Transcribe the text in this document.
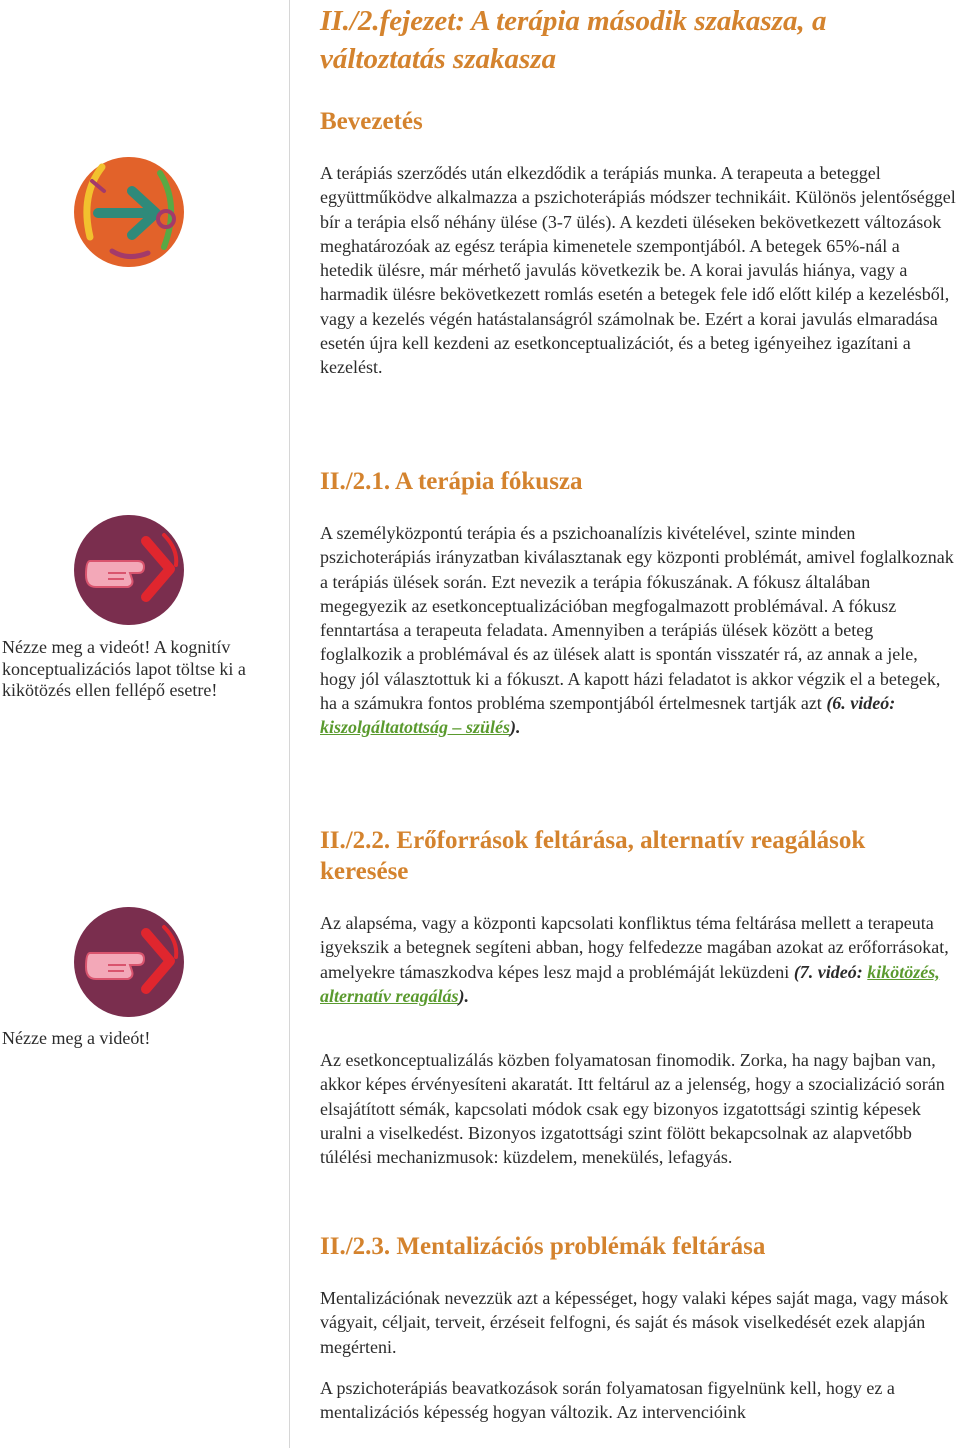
Nézze meg a videót! A kognitív konceptualizációs lapot töltse ki a kikötözés ellen fellépő esetre!
Nézze meg a videót!
II./2.fejezet: A terápia második szakasza, a
változtatás szakasza
Bevezetés
A terápiás szerződés után elkezdődik a terápiás munka. A terapeuta a beteggel együttműködve alkalmazza a pszichoterápiás módszer technikáit. Különös jelentőséggel bír a terápia első néhány ülése (3-7 ülés). A kezdeti üléseken bekövetkezett változások meghatározóak az egész terápia kimenetele szempontjából. A betegek 65%-nál a hetedik ülésre, már mérhető javulás következik be. A korai javulás hiánya, vagy a harmadik ülésre bekövetkezett romlás esetén a betegek fele idő előtt kilép a kezelésből, vagy a kezelés végén hatástalanságról számolnak be. Ezért a korai javulás elmaradása esetén újra kell kezdeni az esetkonceptualizációt, és a beteg igényeihez igazítani a kezelést.
II./2.1. A terápia fókusza
A személyközpontú terápia és a pszichoanalízis kivételével, szinte minden pszichoterápiás irányzatban kiválasztanak egy központi problémát, amivel foglalkoznak a terápiás ülések során. Ezt nevezik a terápia fókuszának. A fókusz általában megegyezik az esetkonceptualizációban megfogalmazott problémával. A fókusz fenntartása a terapeuta feladata. Amennyiben a terápiás ülések között a beteg foglalkozik a problémával és az ülések alatt is spontán visszatér rá, az annak a jele, hogy jól választottuk ki a fókuszt. A kapott házi feladatot is akkor végzik el a betegek, ha a számukra fontos probléma szempontjából értelmesnek tartják azt (6. videó: kiszolgáltatottság – szülés).
II./2.2. Erőforrások feltárása, alternatív reagálások keresése
Az alapséma, vagy a központi kapcsolati konfliktus téma feltárása mellett a terapeuta igyekszik a betegnek segíteni abban, hogy felfedezze magában azokat az erőforrásokat, amelyekre támaszkodva képes lesz majd a problémáját leküzdeni (7. videó: kikötözés, alternatív reagálás).
Az esetkonceptualizálás közben folyamatosan finomodik. Zorka, ha nagy bajban van, akkor képes érvényesíteni akaratát. Itt feltárul az a jelenség, hogy a szocializáció során elsajátított sémák, kapcsolati módok csak egy bizonyos izgatottsági szintig képesek uralni a viselkedést. Bizonyos izgatottsági szint fölött bekapcsolnak az alapvetőbb túlélési mechanizmusok: küzdelem, menekülés, lefagyás.
II./2.3. Mentalizációs problémák feltárása
Mentalizációnak nevezzük azt a képességet, hogy valaki képes saját maga, vagy mások vágyait, céljait, terveit, érzéseit felfogni, és saját és mások viselkedését ezek alapján megérteni.
A pszichoterápiás beavatkozások során folyamatosan figyelnünk kell, hogy ez a mentalizációs képesség hogyan változik. Az intervencióink
